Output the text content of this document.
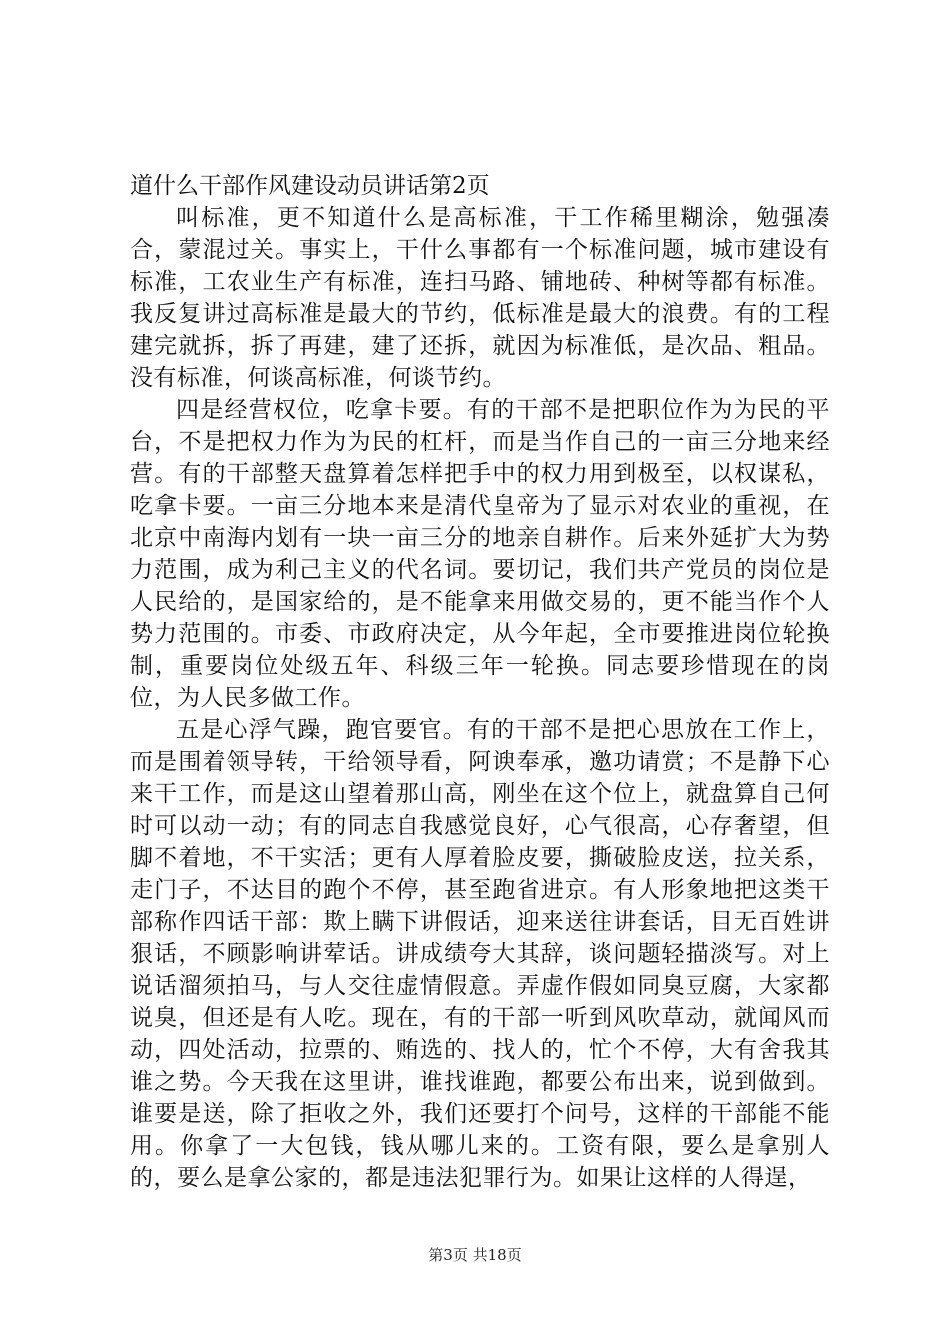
道什么干部作风建设动员讲话第2页

叫标准，更不知道什么是高标准，干工作稀里糊涂，勉强凑合，蒙混过关。事实上，干什么事都有一个标准问题，城市建设有标准，工农业生产有标准，连扫马路、铺地砖、种树等都有标准。我反复讲过高标准是最大的节约，低标准是最大的浪费。有的工程建完就拆，拆了再建，建了还拆，就因为标准低，是次品、粗品。没有标准，何谈高标准，何谈节约。

四是经营权位，吃拿卡要。有的干部不是把职位作为为民的平台，不是把权力作为为民的杠杆，而是当作自己的一亩三分地来经营。有的干部整天盘算着怎样把手中的权力用到极至，以权谋私，吃拿卡要。一亩三分地本来是清代皇帝为了显示对农业的重视，在北京中南海内划有一块一亩三分的地亲自耕作。后来外延扩大为势力范围，成为利己主义的代名词。要切记，我们共产党员的岗位是人民给的，是国家给的，是不能拿来用做交易的，更不能当作个人势力范围的。市委、市政府决定，从今年起，全市要推进岗位轮换制，重要岗位处级五年、科级三年一轮换。同志要珍惜现在的岗位，为人民多做工作。

五是心浮气躁，跑官要官。有的干部不是把心思放在工作上，而是围着领导转，干给领导看，阿谀奉承，邀功请赏；不是静下心来干工作，而是这山望着那山高，刚坐在这个位上，就盘算自己何时可以动一动；有的同志自我感觉良好，心气很高，心存奢望，但脚不着地，不干实活；更有人厚着脸皮要，撕破脸皮送，拉关系，走门子，不达目的跑个不停，甚至跑省进京。有人形象地把这类干部称作四话干部：欺上瞒下讲假话，迎来送往讲套话，目无百姓讲狠话，不顾影响讲荤话。讲成绩夸大其辞，谈问题轻描淡写。对上说话溜须拍马，与人交往虚情假意。弄虚作假如同臭豆腐，大家都说臭，但还是有人吃。现在，有的干部一听到风吹草动，就闻风而动，四处活动，拉票的、贿选的、找人的，忙个不停，大有舍我其谁之势。今天我在这里讲，谁找谁跑，都要公布出来，说到做到。谁要是送，除了拒收之外，我们还要打个问号，这样的干部能不能用。你拿了一大包钱，钱从哪儿来的。工资有限，要么是拿别人的，要么是拿公家的，都是违法犯罪行为。如果让这样的人得逞，

第3页 共18页
